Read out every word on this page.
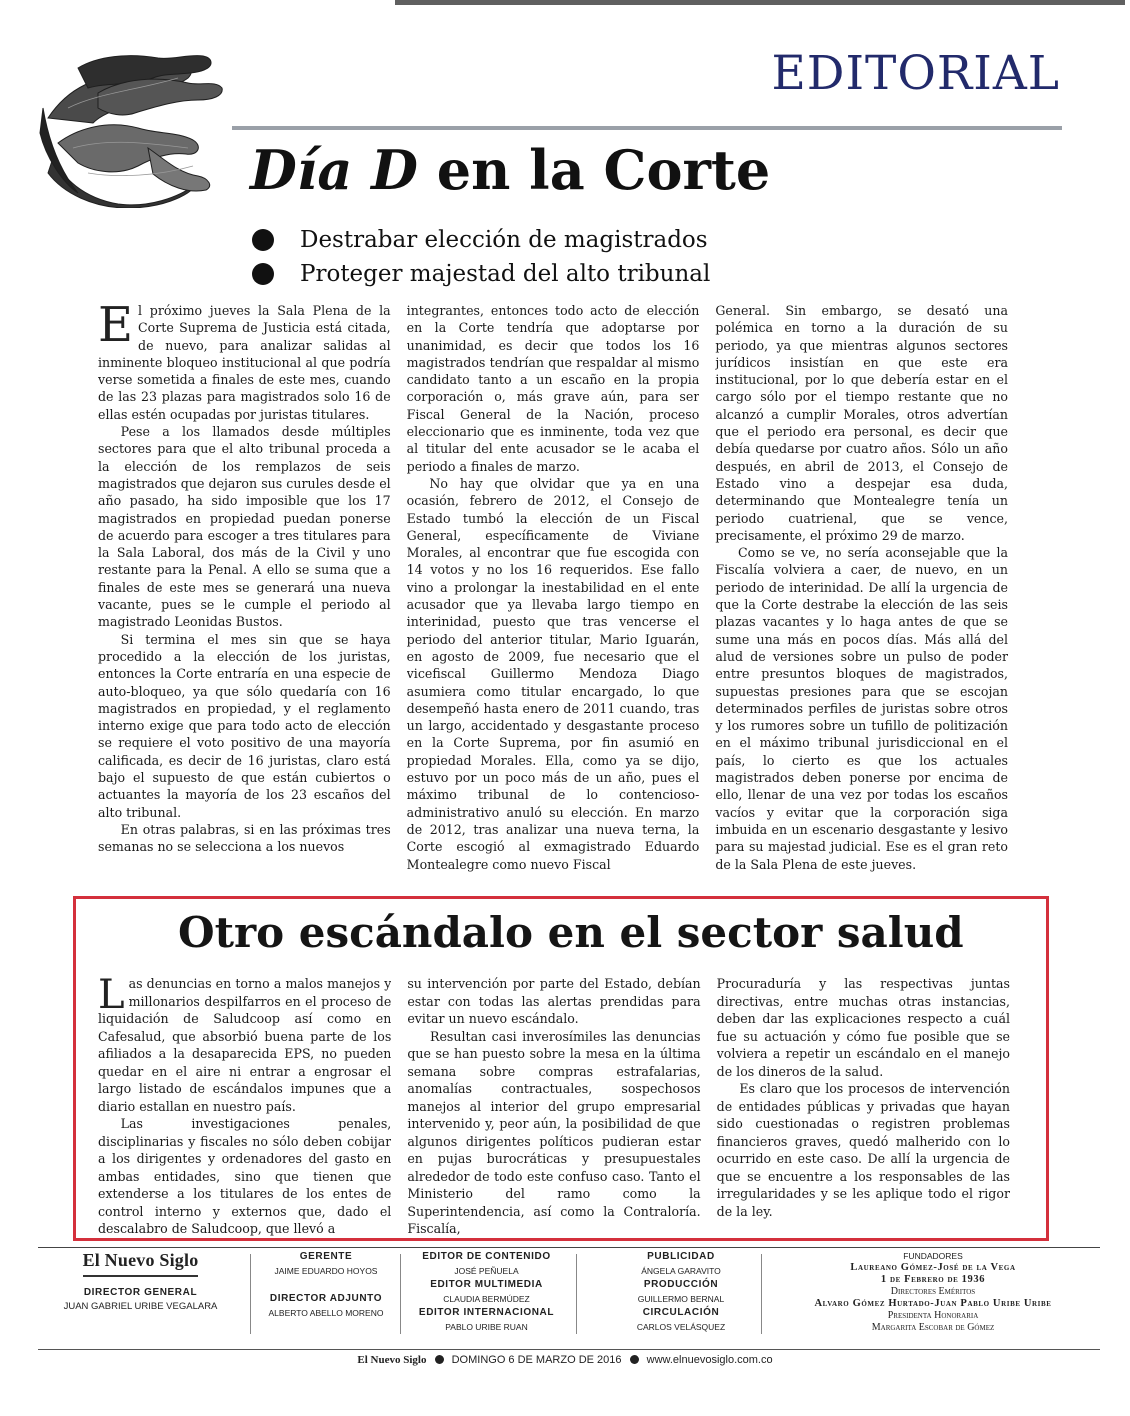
EDITORIAL
Día D en la Corte
Destrabar elección de magistrados
Proteger majestad del alto tribunal

El próximo jueves la Sala Plena de la Corte Suprema de Justicia está citada, de nuevo, para analizar salidas al inminente bloqueo institucional al que podría verse sometida a finales de este mes, cuando de las 23 plazas para magistrados solo 16 de ellas estén ocupadas por juristas titulares.

Pese a los llamados desde múltiples sectores para que el alto tribunal proceda a la elección de los remplazos de seis magistrados que dejaron sus curules desde el año pasado, ha sido imposible que los 17 magistrados en propiedad puedan ponerse de acuerdo para escoger a tres titulares para la Sala Laboral, dos más de la Civil y uno restante para la Penal. A ello se suma que a finales de este mes se generará una nueva vacante, pues se le cumple el periodo al magistrado Leonidas Bustos.

Si termina el mes sin que se haya procedido a la elección de los juristas, entonces la Corte entraría en una especie de auto-bloqueo, ya que sólo quedaría con 16 magistrados en propiedad, y el reglamento interno exige que para todo acto de elección se requiere el voto positivo de una mayoría calificada, es decir de 16 juristas, claro está bajo el supuesto de que están cubiertos o actuantes la mayoría de los 23 escaños del alto tribunal.

En otras palabras, si en las próximas tres semanas no se selecciona a los nuevos

integrantes, entonces todo acto de elección en la Corte tendría que adoptarse por unanimidad, es decir que todos los 16 magistrados tendrían que respaldar al mismo candidato tanto a un escaño en la propia corporación o, más grave aún, para ser Fiscal General de la Nación, proceso eleccionario que es inminente, toda vez que al titular del ente acusador se le acaba el periodo a finales de marzo.

No hay que olvidar que ya en una ocasión, febrero de 2012, el Consejo de Estado tumbó la elección de un Fiscal General, específicamente de Viviane Morales, al encontrar que fue escogida con 14 votos y no los 16 requeridos. Ese fallo vino a prolongar la inestabilidad en el ente acusador que ya llevaba largo tiempo en interinidad, puesto que tras vencerse el periodo del anterior titular, Mario Iguarán, en agosto de 2009, fue necesario que el vicefiscal Guillermo Mendoza Diago asumiera como titular encargado, lo que desempeñó hasta enero de 2011 cuando, tras un largo, accidentado y desgastante proceso en la Corte Suprema, por fin asumió en propiedad Morales. Ella, como ya se dijo, estuvo por un poco más de un año, pues el máximo tribunal de lo contencioso-administrativo anuló su elección. En marzo de 2012, tras analizar una nueva terna, la Corte escogió al exmagistrado Eduardo Montealegre como nuevo Fiscal

General. Sin embargo, se desató una polémica en torno a la duración de su periodo, ya que mientras algunos sectores jurídicos insistían en que este era institucional, por lo que debería estar en el cargo sólo por el tiempo restante que no alcanzó a cumplir Morales, otros advertían que el periodo era personal, es decir que debía quedarse por cuatro años. Sólo un año después, en abril de 2013, el Consejo de Estado vino a despejar esa duda, determinando que Montealegre tenía un periodo cuatrienal, que se vence, precisamente, el próximo 29 de marzo.

Como se ve, no sería aconsejable que la Fiscalía volviera a caer, de nuevo, en un periodo de interinidad. De allí la urgencia de que la Corte destrabe la elección de las seis plazas vacantes y lo haga antes de que se sume una más en pocos días. Más allá del alud de versiones sobre un pulso de poder entre presuntos bloques de magistrados, supuestas presiones para que se escojan determinados perfiles de juristas sobre otros y los rumores sobre un tufillo de politización en el máximo tribunal jurisdiccional en el país, lo cierto es que los actuales magistrados deben ponerse por encima de ello, llenar de una vez por todas los escaños vacíos y evitar que la corporación siga imbuida en un escenario desgastante y lesivo para su majestad judicial. Ese es el gran reto de la Sala Plena de este jueves.

Otro escándalo en el sector salud

Las denuncias en torno a malos manejos y millonarios despilfarros en el proceso de liquidación de Saludcoop así como en Cafesalud, que absorbió buena parte de los afiliados a la desaparecida EPS, no pueden quedar en el aire ni entrar a engrosar el largo listado de escándalos impunes que a diario estallan en nuestro país.

Las investigaciones penales, disciplinarias y fiscales no sólo deben cobijar a los dirigentes y ordenadores del gasto en ambas entidades, sino que tienen que extenderse a los titulares de los entes de control interno y externos que, dado el descalabro de Saludcoop, que llevó a

su intervención por parte del Estado, debían estar con todas las alertas prendidas para evitar un nuevo escándalo.

Resultan casi inverosímiles las denuncias que se han puesto sobre la mesa en la última semana sobre compras estrafalarias, anomalías contractuales, sospechosos manejos al interior del grupo empresarial intervenido y, peor aún, la posibilidad de que algunos dirigentes políticos pudieran estar en pujas burocráticas y presupuestales alrededor de todo este confuso caso. Tanto el Ministerio del ramo como la Superintendencia, así como la Contraloría. Fiscalía,

Procuraduría y las respectivas juntas directivas, entre muchas otras instancias, deben dar las explicaciones respecto a cuál fue su actuación y cómo fue posible que se volviera a repetir un escándalo en el manejo de los dineros de la salud.

Es claro que los procesos de intervención de entidades públicas y privadas que hayan sido cuestionadas o registren problemas financieros graves, quedó malherido con lo ocurrido en este caso. De allí la urgencia de que se encuentre a los responsables de las irregularidades y se les aplique todo el rigor de la ley.

El Nuevo Siglo
DIRECTOR GENERAL
JUAN GABRIEL URIBE VEGALARA
GERENTE
JAIME EDUARDO HOYOS
DIRECTOR ADJUNTO
ALBERTO ABELLO MORENO
EDITOR DE CONTENIDO
JOSÉ PEÑUELA
EDITOR MULTIMEDIA
CLAUDIA BERMÚDEZ
EDITOR INTERNACIONAL
PABLO URIBE RUAN
PUBLICIDAD
ÁNGELA GARAVITO
PRODUCCIÓN
GUILLERMO BERNAL
CIRCULACIÓN
CARLOS VELÁSQUEZ
FUNDADORES
Laureano Gómez-José de la Vega
1 de Febrero de 1936
Directores Eméritos
Alvaro Gómez Hurtado-Juan Pablo Uribe Uribe
Presidenta Honoraria
Margarita Escobar de Gómez
El Nuevo Siglo DOMINGO 6 DE MARZO DE 2016 www.elnuevosiglo.com.co
